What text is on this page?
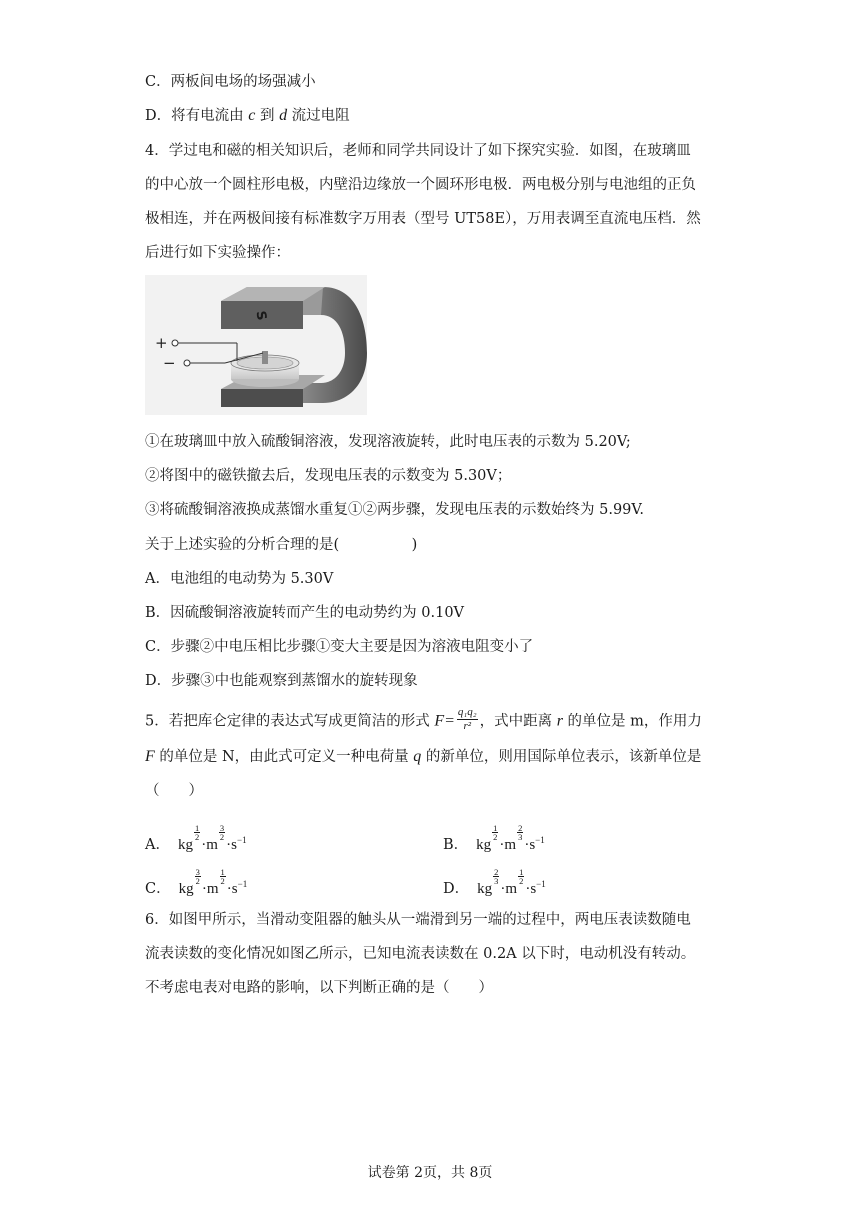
C．两板间电场的场强减小
D．将有电流由 c 到 d 流过电阻
4．学过电和磁的相关知识后，老师和同学共同设计了如下探究实验．如图，在玻璃皿
的中心放一个圆柱形电极，内壁沿边缘放一个圆环形电极．两电极分别与电池组的正负
极相连，并在两极间接有标准数字万用表（型号 UT58E），万用表调至直流电压档．然
后进行如下实验操作：
+
−
S
①在玻璃皿中放入硫酸铜溶液，发现溶液旋转，此时电压表的示数为 5.20V;
②将图中的磁铁撤去后，发现电压表的示数变为 5.30V；
③将硫酸铜溶液换成蒸馏水重复①②两步骤，发现电压表的示数始终为 5.99V.
关于上述实验的分析合理的是(　　　　　)
A．电池组的电动势为 5.30V
B．因硫酸铜溶液旋转而产生的电动势约为 0.10V
C．步骤②中电压相比步骤①变大主要是因为溶液电阻变小了
D．步骤③中也能观察到蒸馏水的旋转现象
5．若把库仑定律的表达式写成更简洁的形式 $F= \frac{\text{q₁q₂}}{\text{r²}}$ ，式中距离 r 的单位是 m，作用力
F 的单位是 N，由此式可定义一种电荷量 q 的新单位，则用国际单位表示，该新单位是
（　　）
A． kg
$\frac{1}{2}$
·m
$\frac{3}{2}$
$\cdot s^{-1}$	B． kg
$\frac{1}{2}$
·m
$\frac{2}{3}$
$\cdot s^{-1}$
C． kg
$\frac{3}{2}$
·m
$\frac{1}{2}$
$\cdot s^{-1}$	D． kg
$\frac{2}{3}$
·m
$\frac{1}{2}$
$\cdot s^{-1}$
6．如图甲所示，当滑动变阻器的触头从一端滑到另一端的过程中，两电压表读数随电
流表读数的变化情况如图乙所示，已知电流表读数在 0.2A 以下时，电动机没有转动。
不考虑电表对电路的影响，以下判断正确的是（　　）
试卷第 2页，共 8页
